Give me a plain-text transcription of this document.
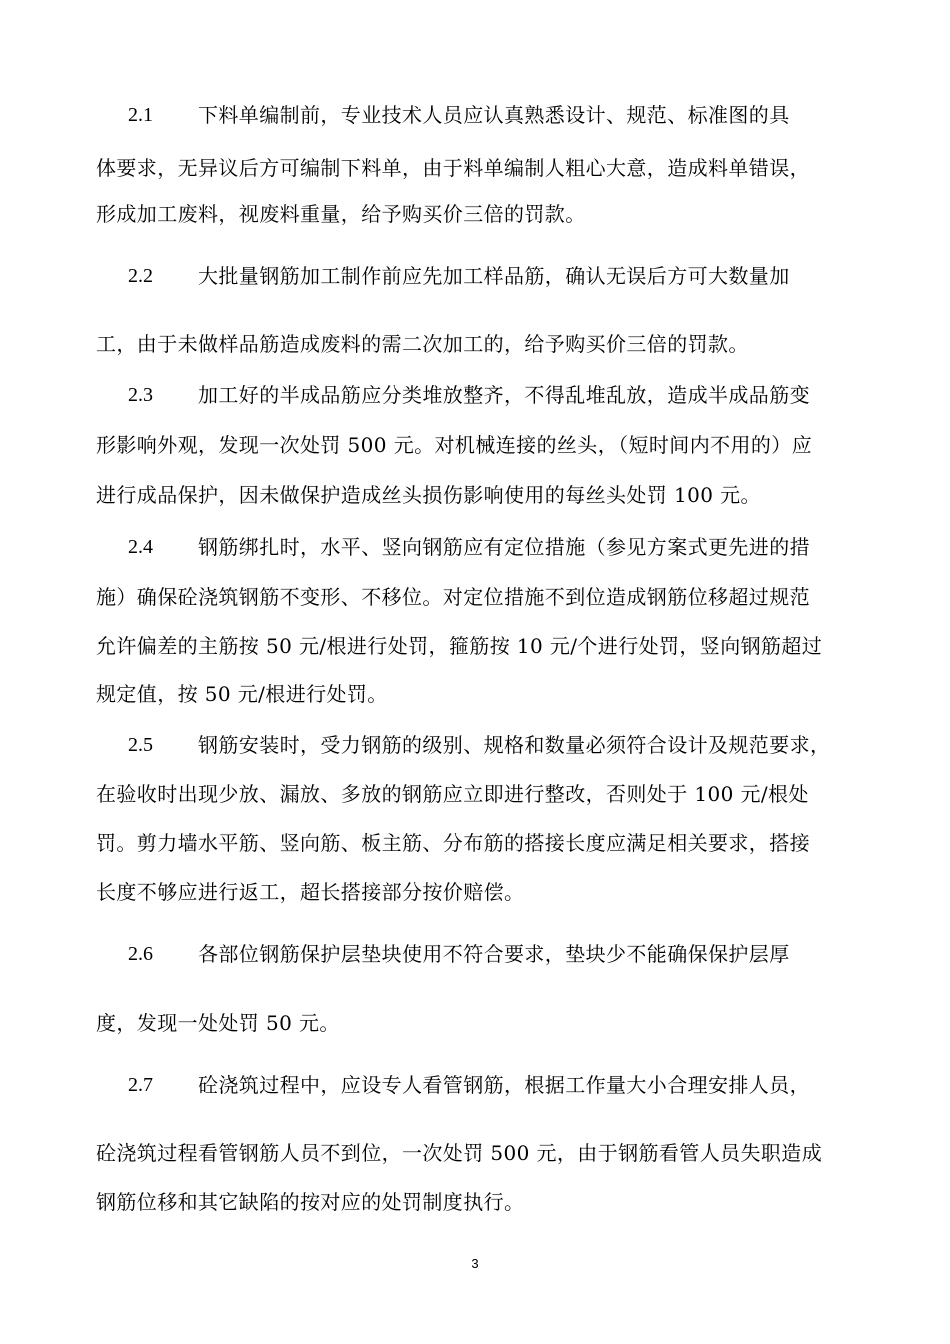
2.1 下料单编制前，专业技术人员应认真熟悉设计、规范、标准图的具
体要求，无异议后方可编制下料单，由于料单编制人粗心大意，造成料单错误，
形成加工废料，视废料重量，给予购买价三倍的罚款。
2.2 大批量钢筋加工制作前应先加工样品筋，确认无误后方可大数量加
工，由于未做样品筋造成废料的需二次加工的，给予购买价三倍的罚款。
2.3 加工好的半成品筋应分类堆放整齐，不得乱堆乱放，造成半成品筋变
形影响外观，发现一次处罚 500 元。对机械连接的丝头，（短时间内不用的）应
进行成品保护，因未做保护造成丝头损伤影响使用的每丝头处罚 100 元。
2.4 钢筋绑扎时，水平、竖向钢筋应有定位措施（参见方案式更先进的措
施）确保砼浇筑钢筋不变形、不移位。对定位措施不到位造成钢筋位移超过规范
允许偏差的主筋按 50 元/根进行处罚，箍筋按 10 元/个进行处罚，竖向钢筋超过
规定值，按 50 元/根进行处罚。
2.5 钢筋安装时，受力钢筋的级别、规格和数量必须符合设计及规范要求，
在验收时出现少放、漏放、多放的钢筋应立即进行整改，否则处于 100 元/根处
罚。剪力墙水平筋、竖向筋、板主筋、分布筋的搭接长度应满足相关要求，搭接
长度不够应进行返工，超长搭接部分按价赔偿。
2.6 各部位钢筋保护层垫块使用不符合要求，垫块少不能确保保护层厚
度，发现一处处罚 50 元。
2.7 砼浇筑过程中，应设专人看管钢筋，根据工作量大小合理安排人员，
砼浇筑过程看管钢筋人员不到位，一次处罚 500 元，由于钢筋看管人员失职造成
钢筋位移和其它缺陷的按对应的处罚制度执行。
3
